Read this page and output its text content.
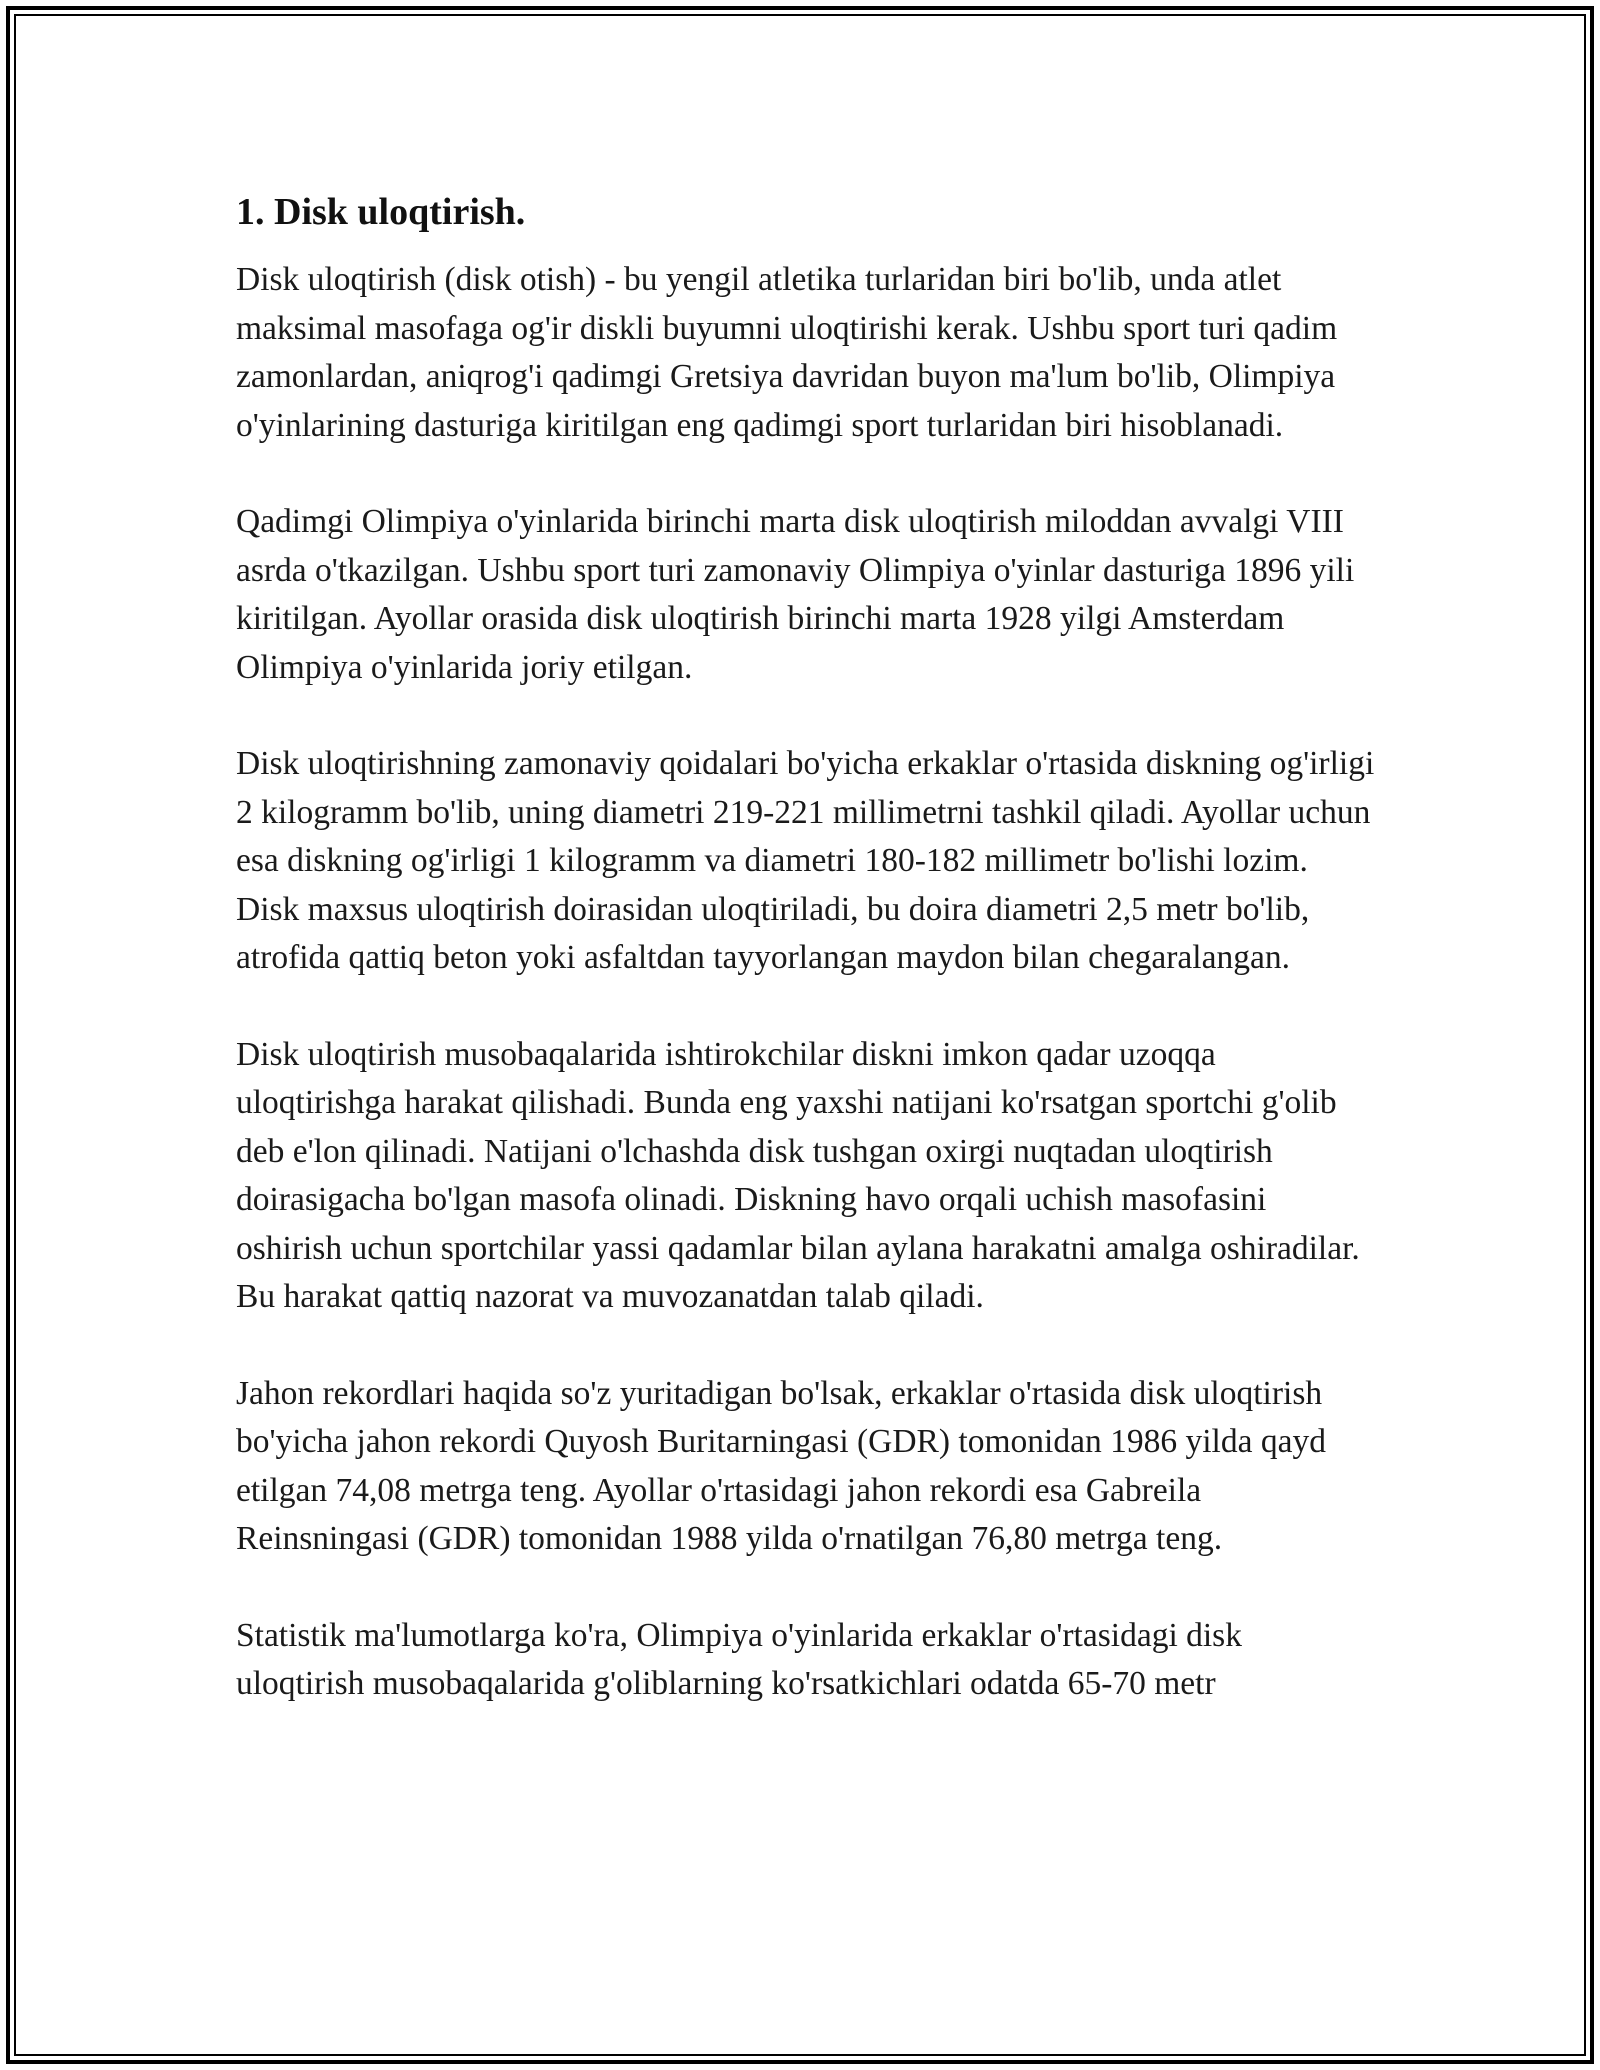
1. Disk uloqtirish.

Disk uloqtirish (disk otish) - bu yengil atletika turlaridan biri bo'lib, unda atlet maksimal masofaga og'ir diskli buyumni uloqtirishi kerak. Ushbu sport turi qadim zamonlardan, aniqrog'i qadimgi Gretsiya davridan buyon ma'lum bo'lib, Olimpiya o'yinlarining dasturiga kiritilgan eng qadimgi sport turlaridan biri hisoblanadi.

Qadimgi Olimpiya o'yinlarida birinchi marta disk uloqtirish miloddan avvalgi VIII asrda o'tkazilgan. Ushbu sport turi zamonaviy Olimpiya o'yinlar dasturiga 1896 yili kiritilgan. Ayollar orasida disk uloqtirish birinchi marta 1928 yilgi Amsterdam Olimpiya o'yinlarida joriy etilgan.

Disk uloqtirishning zamonaviy qoidalari bo'yicha erkaklar o'rtasida diskning og'irligi 2 kilogramm bo'lib, uning diametri 219-221 millimetrni tashkil qiladi. Ayollar uchun esa diskning og'irligi 1 kilogramm va diametri 180-182 millimetr bo'lishi lozim. Disk maxsus uloqtirish doirasidan uloqtiriladi, bu doira diametri 2,5 metr bo'lib, atrofida qattiq beton yoki asfaltdan tayyorlangan maydon bilan chegaralangan.

Disk uloqtirish musobaqalarida ishtirokchilar diskni imkon qadar uzoqqa uloqtirishga harakat qilishadi. Bunda eng yaxshi natijani ko'rsatgan sportchi g'olib deb e'lon qilinadi. Natijani o'lchashda disk tushgan oxirgi nuqtadan uloqtirish doirasigacha bo'lgan masofa olinadi. Diskning havo orqali uchish masofasini oshirish uchun sportchilar yassi qadamlar bilan aylana harakatni amalga oshiradilar. Bu harakat qattiq nazorat va muvozanatdan talab qiladi.

Jahon rekordlari haqida so'z yuritadigan bo'lsak, erkaklar o'rtasida disk uloqtirish bo'yicha jahon rekordi Quyosh Buritarningasi (GDR) tomonidan 1986 yilda qayd etilgan 74,08 metrga teng. Ayollar o'rtasidagi jahon rekordi esa Gabreila Reinsningasi (GDR) tomonidan 1988 yilda o'rnatilgan 76,80 metrga teng.

Statistik ma'lumotlarga ko'ra, Olimpiya o'yinlarida erkaklar o'rtasidagi disk uloqtirish musobaqalarida g'oliblarning ko'rsatkichlari odatda 65-70 metr
